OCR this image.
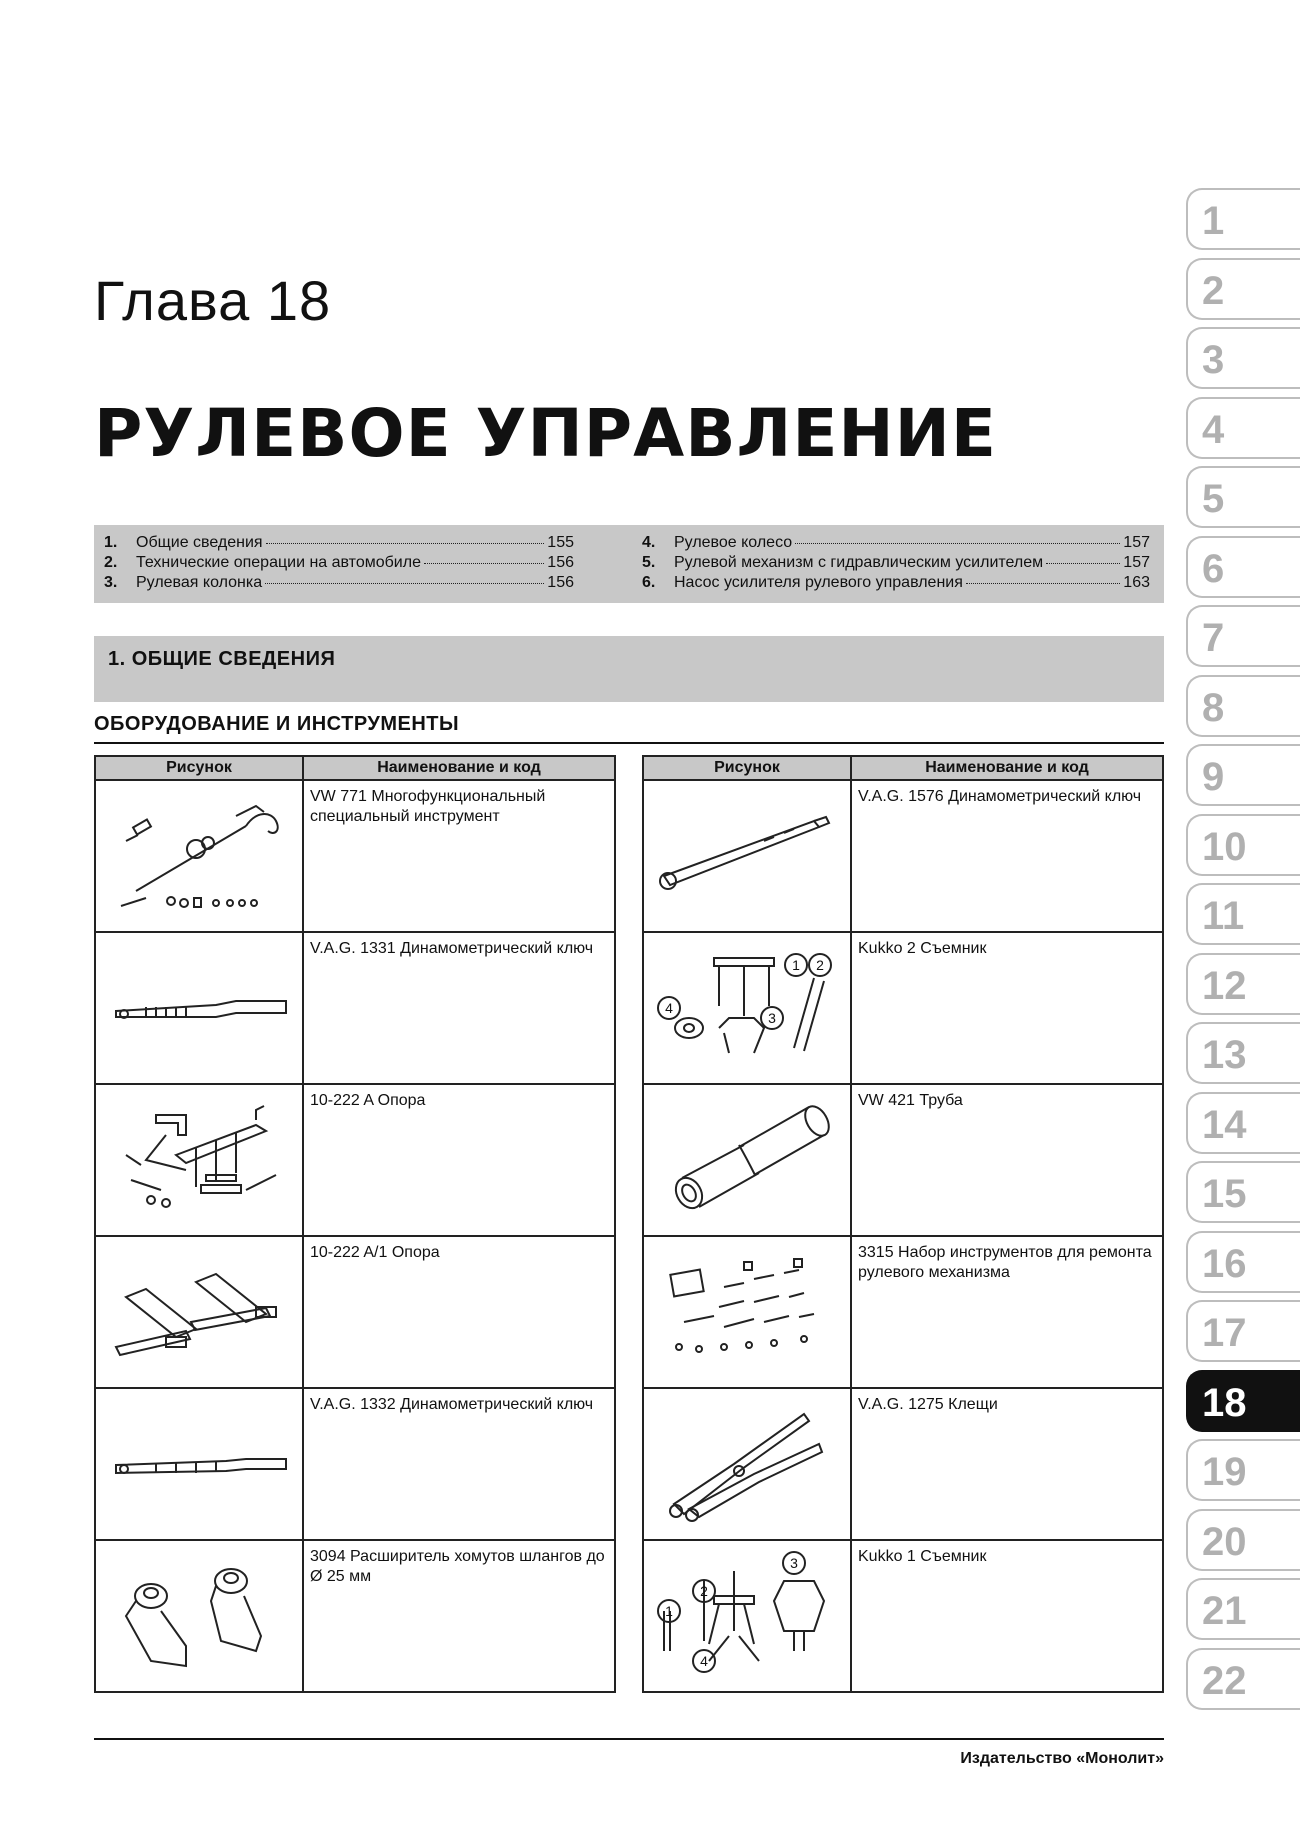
Глава 18
РУЛЕВОЕ УПРАВЛЕНИЕ
1.	Общие сведения	155
2.	Технические операции на автомобиле	156
3.	Рулевая колонка	156
4.	Рулевое колесо	157
5.	Рулевой механизм с гидравлическим усилителем	157
6.	Насос усилителя рулевого управления	163
1. ОБЩИЕ СВЕДЕНИЯ
ОБОРУДОВАНИЕ И ИНСТРУМЕНТЫ
Рисунок	Наименование и код

	VW 771 Многофункциональный специальный инструмент

	V.A.G. 1331 Динамометрический ключ

	10-222 A Опора

	10-222 A/1 Опора

	V.A.G. 1332 Динамометрический ключ

	3094 Расширитель хомутов шлангов до Ø 25 мм
Рисунок	Наименование и код

	V.A.G. 1576 Динамометрический ключ

1 2
3
4	Kukko 2 Съемник

	VW 421 Труба

	3315 Набор инструментов для ремонта рулевого механизма

	V.A.G. 1275 Клещи

1
2
3
4	Kukko 1 Съемник
1
2
3
4
5
6
7
8
9
10
11
12
13
14
15
16
17
18
19
20
21
22
Издательство «Монолит»
